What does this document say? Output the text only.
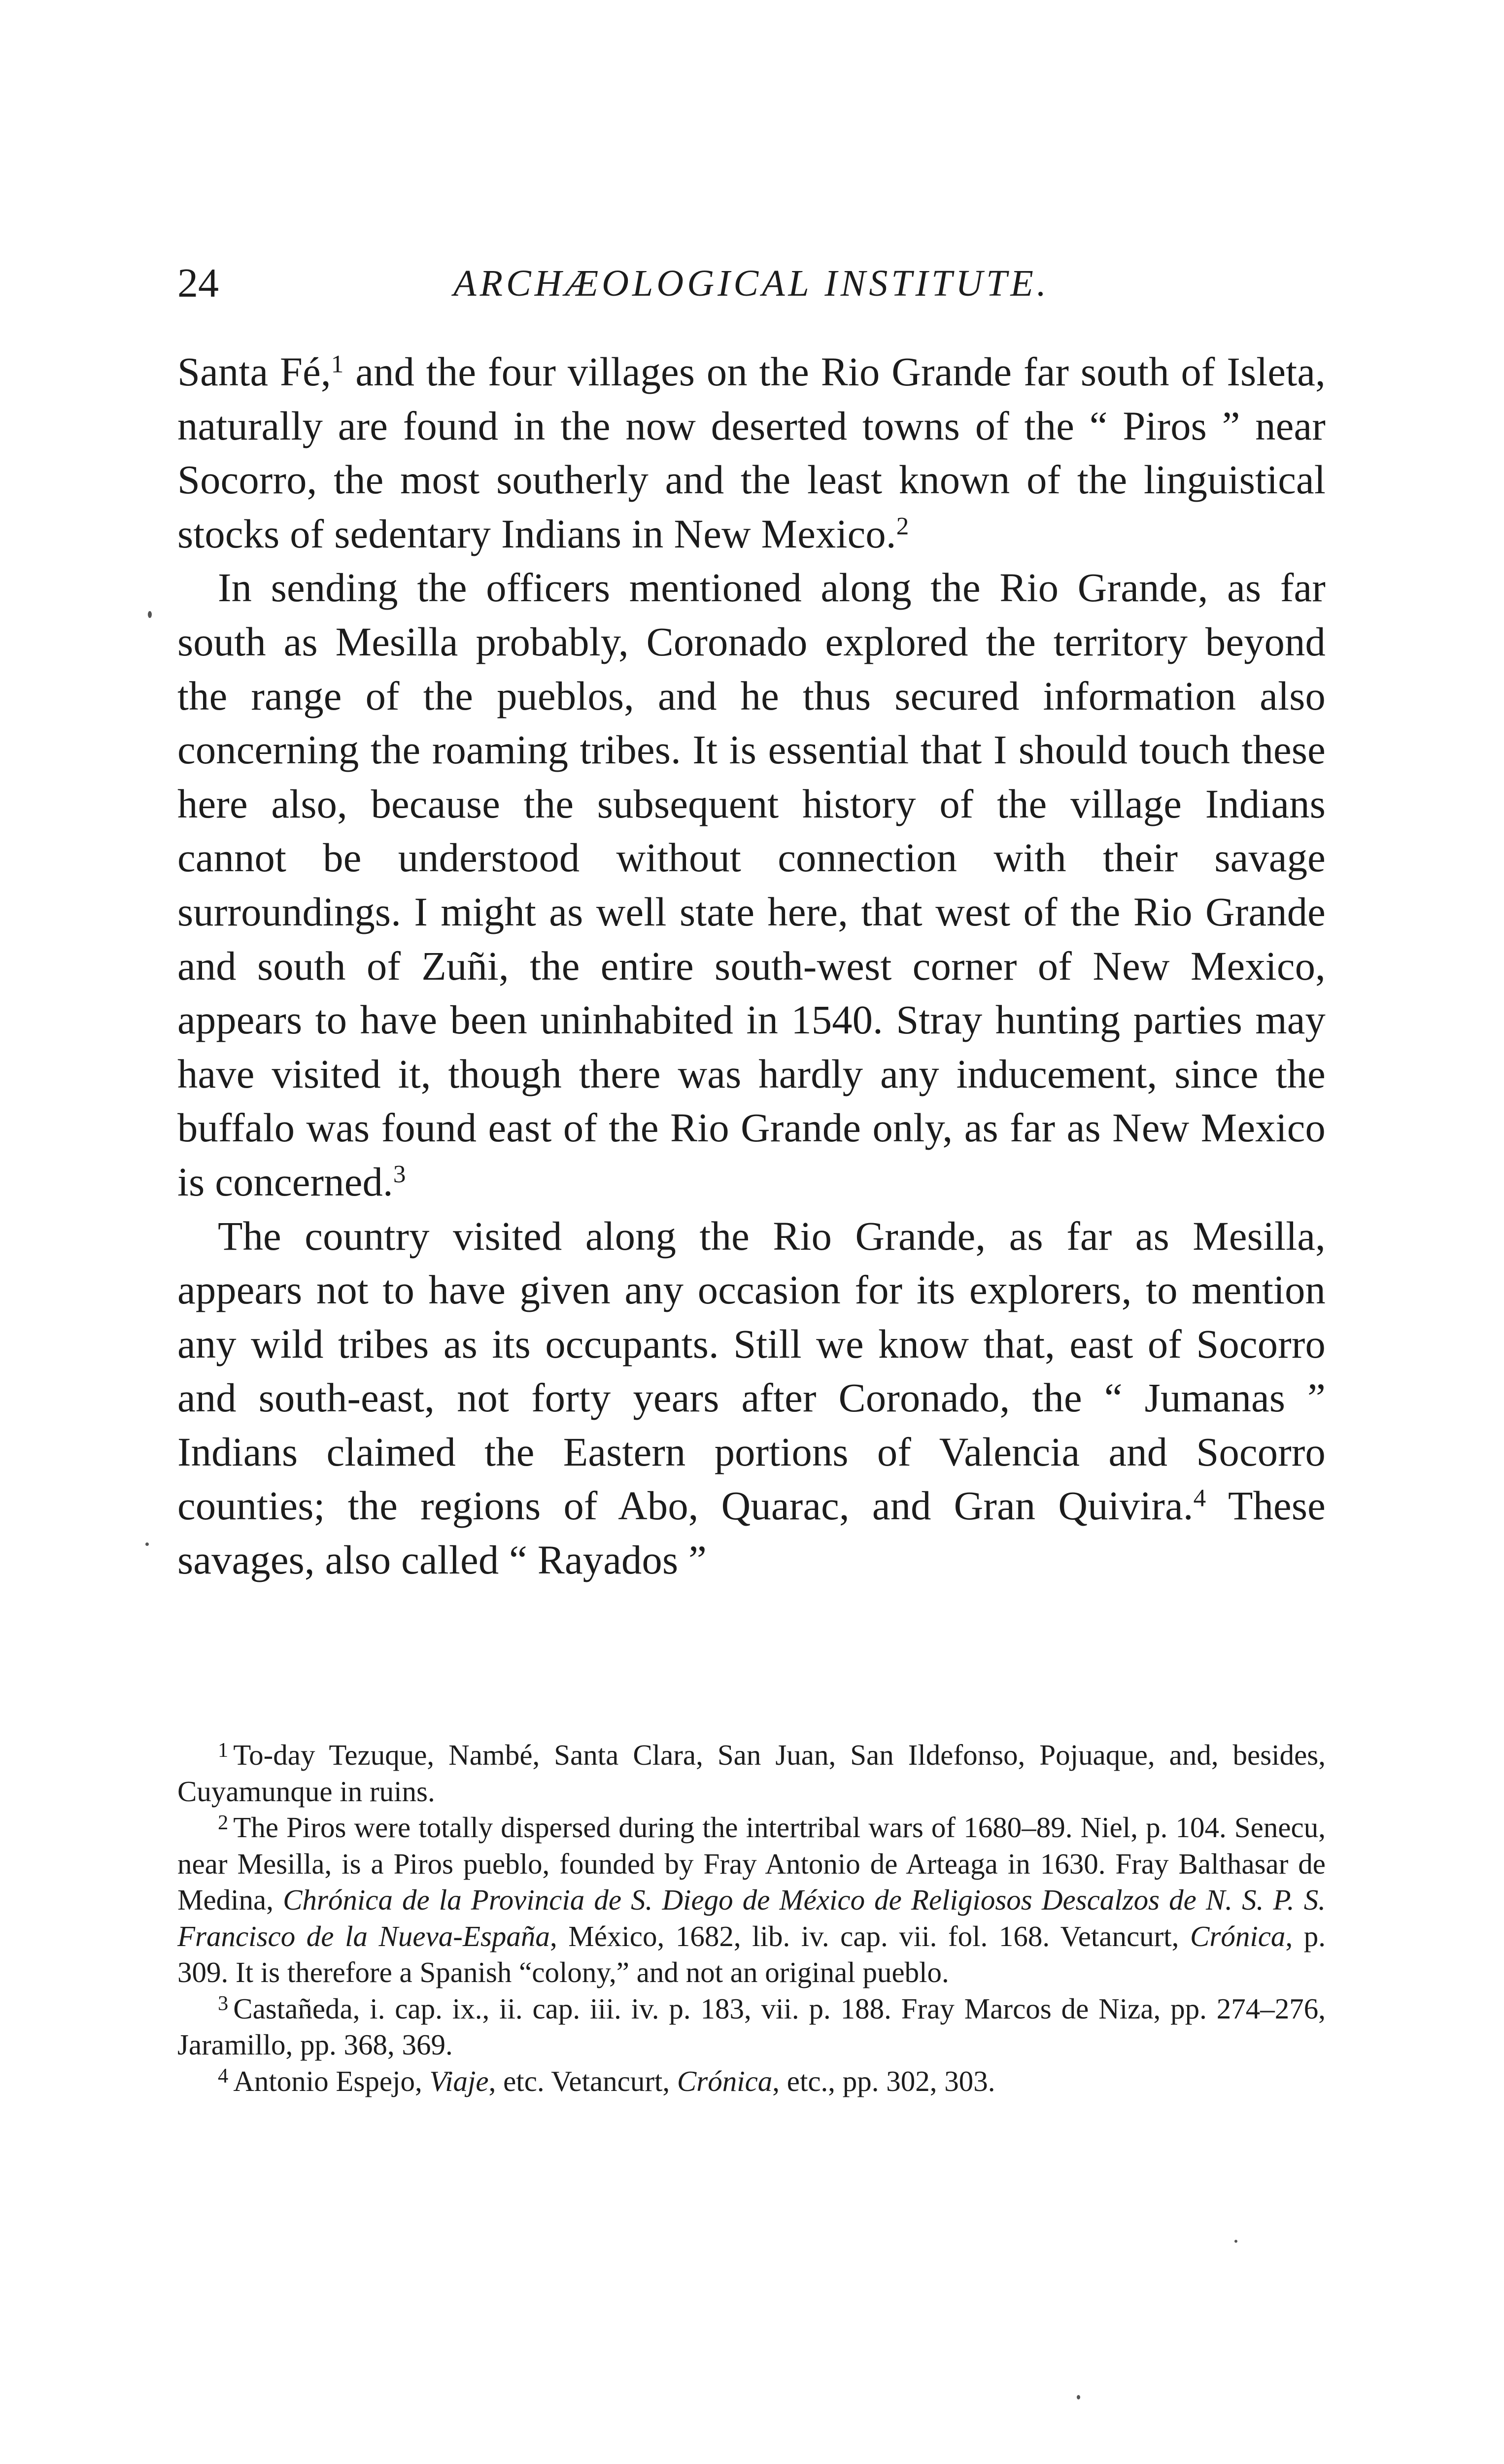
24	ARCHÆOLOGICAL INSTITUTE.

Santa Fé,$^1$ and the four villages on the Rio Grande far south of Isleta, naturally are found in the now deserted towns of the “ Piros ” near Socorro, the most southerly and the least known of the linguistical stocks of sedentary Indians in New Mexico.$^2$

In sending the officers mentioned along the Rio Grande, as far south as Mesilla probably, Coronado explored the territory beyond the range of the pueblos, and he thus secured information also concerning the roaming tribes. It is essential that I should touch these here also, because the subsequent history of the village Indians cannot be understood without connection with their savage surroundings. I might as well state here, that west of the Rio Grande and south of Zuñi, the entire south-west corner of New Mexico, appears to have been uninhabited in 1540. Stray hunting parties may have visited it, though there was hardly any inducement, since the buffalo was found east of the Rio Grande only, as far as New Mexico is concerned.$^3$

The country visited along the Rio Grande, as far as Mesilla, appears not to have given any occasion for its explorers, to mention any wild tribes as its occupants. Still we know that, east of Socorro and south-east, not forty years after Coronado, the “ Jumanas ” Indians claimed the Eastern portions of Valencia and Socorro counties; the regions of Abo, Quarac, and Gran Quivira.$^4$ These savages, also called “ Rayados ”

$^1$ To-day Tezuque, Nambé, Santa Clara, San Juan, San Ildefonso, Pojuaque, and, besides, Cuyamunque in ruins.

$^2$ The Piros were totally dispersed during the intertribal wars of 1680–89. Niel, p. 104. Senecu, near Mesilla, is a Piros pueblo, founded by Fray Antonio de Arteaga in 1630. Fray Balthasar de Medina, Chrónica de la Provincia de S. Diego de México de Religiosos Descalzos de N. S. P. S. Francisco de la Nueva-España, México, 1682, lib. iv. cap. vii. fol. 168. Vetancurt, Crónica, p. 309. It is therefore a Spanish “colony,” and not an original pueblo.

$^3$ Castañeda, i. cap. ix., ii. cap. iii. iv. p. 183, vii. p. 188. Fray Marcos de Niza, pp. 274–276, Jaramillo, pp. 368, 369.

$^4$ Antonio Espejo, Viaje, etc. Vetancurt, Crónica, etc., pp. 302, 303.
